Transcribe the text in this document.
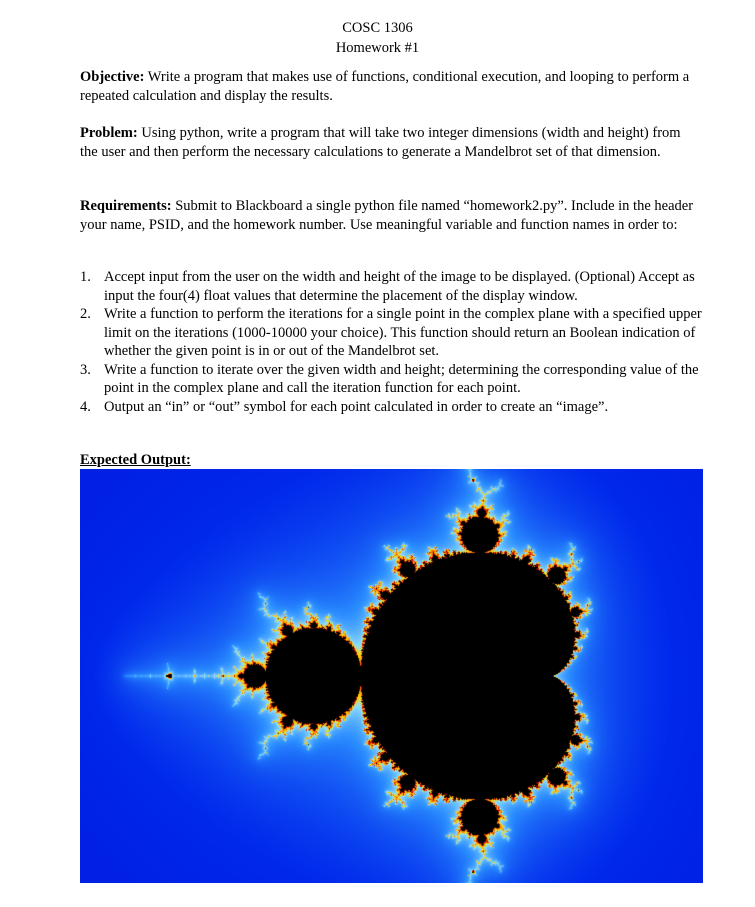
COSC 1306
Homework #1

Objective: Write a program that makes use of functions, conditional execution, and looping to perform a repeated calculation and display the results.

Problem: Using python, write a program that will take two integer dimensions (width and height) from the user and then perform the necessary calculations to generate a Mandelbrot set of that dimension.

Requirements: Submit to Blackboard a single python file named “homework2.py”. Include in the header your name, PSID, and the homework number. Use meaningful variable and function names in order to:

1. Accept input from the user on the width and height of the image to be displayed. (Optional) Accept as input the four(4) float values that determine the placement of the display window.
2. Write a function to perform the iterations for a single point in the complex plane with a specified upper limit on the iterations (1000-10000 your choice). This function should return an Boolean indication of whether the given point is in or out of the Mandelbrot set.
3. Write a function to iterate over the given width and height; determining the corresponding value of the point in the complex plane and call the iteration function for each point.
4. Output an “in” or “out” symbol for each point calculated in order to create an “image”.
Expected Output:
